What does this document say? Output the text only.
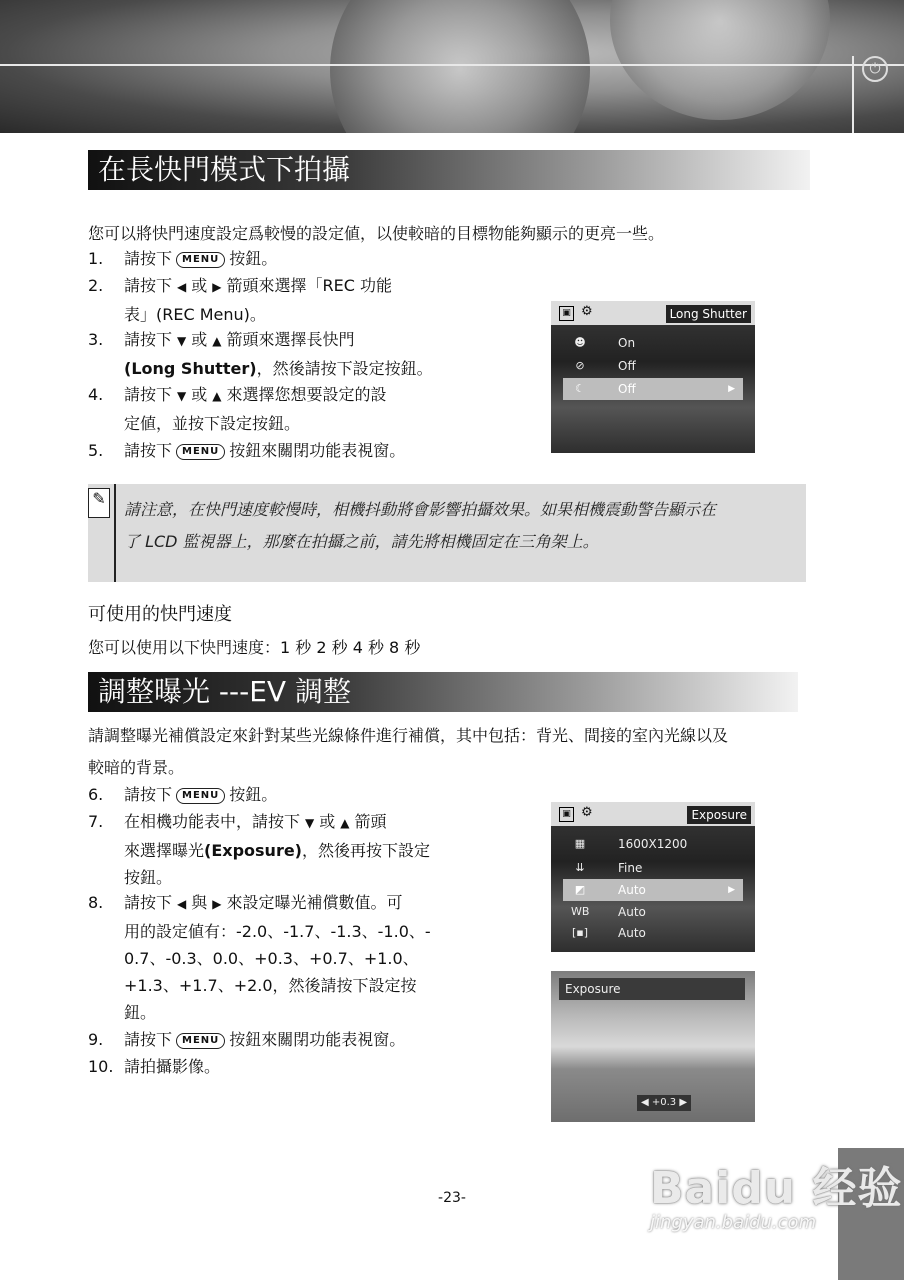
⏻
在長快門模式下拍攝
您可以將快門速度設定爲較慢的設定値，以使較暗的目標物能夠顯示的更亮一些。
1.	請按下 MENU 按鈕。
2.	請按下 ◀ 或 ▶ 箭頭來選擇「REC 功能
表」(REC Menu)。
3.	請按下 ▼ 或 ▲ 箭頭來選擇長快門
(Long Shutter)，然後請按下設定按鈕。
4.	請按下 ▼ 或 ▲ 來選擇您想要設定的設
定値，並按下設定按鈕。
5.	請按下 MENU 按鈕來關閉功能表視窗。
▣ ⚙	Long Shutter
☻	On
⊘	Off
☾	Off	▶
✎
請注意，在快門速度較慢時，相機抖動將會影響拍攝效果。如果相機震動警告顯示在
了 LCD 監視器上，那麼在拍攝之前，請先將相機固定在三角架上。
可使用的快門速度
您可以使用以下快門速度：1 秒 2 秒 4 秒 8 秒
調整曝光 ---EV 調整
請調整曝光補償設定來針對某些光線條件進行補償，其中包括：背光、間接的室內光線以及
較暗的背景。
6.	請按下 MENU 按鈕。
7.	在相機功能表中，請按下 ▼ 或 ▲ 箭頭
來選擇曝光(Exposure)，然後再按下設定
按鈕。
8.	請按下 ◀ 與 ▶ 來設定曝光補償數值。可
用的設定値有：-2.0、-1.7、-1.3、-1.0、-
0.7、-0.3、0.0、+0.3、+0.7、+1.0、
+1.3、+1.7、+2.0，然後請按下設定按
鈕。
9.	請按下 MENU 按鈕來關閉功能表視窗。
10. 請拍攝影像。
▣ ⚙	Exposure
▦	1600X1200
⇊	Fine
◩	Auto	▶
WB Auto
[▪] Auto
Exposure
◀ +0.3 ▶
-23-	Baidu 经验
jingyan.baidu.com
